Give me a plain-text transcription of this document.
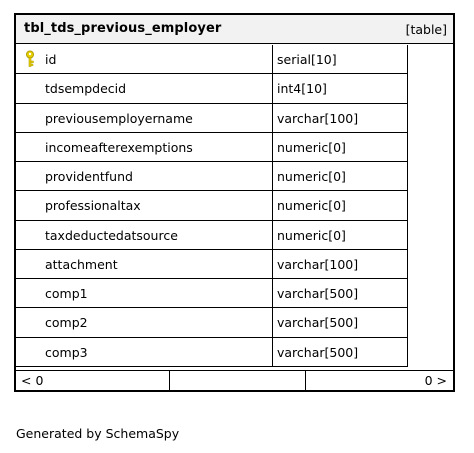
tbl_tds_previous_employer	[table]
id	serial[10]
tdsempdecid	int4[10]
previousemployername	varchar[100]
incomeafterexemptions	numeric[0]
providentfund	numeric[0]
professionaltax	numeric[0]
taxdeductedatsource	numeric[0]
attachment	varchar[100]
comp1	varchar[500]
comp2	varchar[500]
comp3	varchar[500]
< 0	0 >
Generated by SchemaSpy
